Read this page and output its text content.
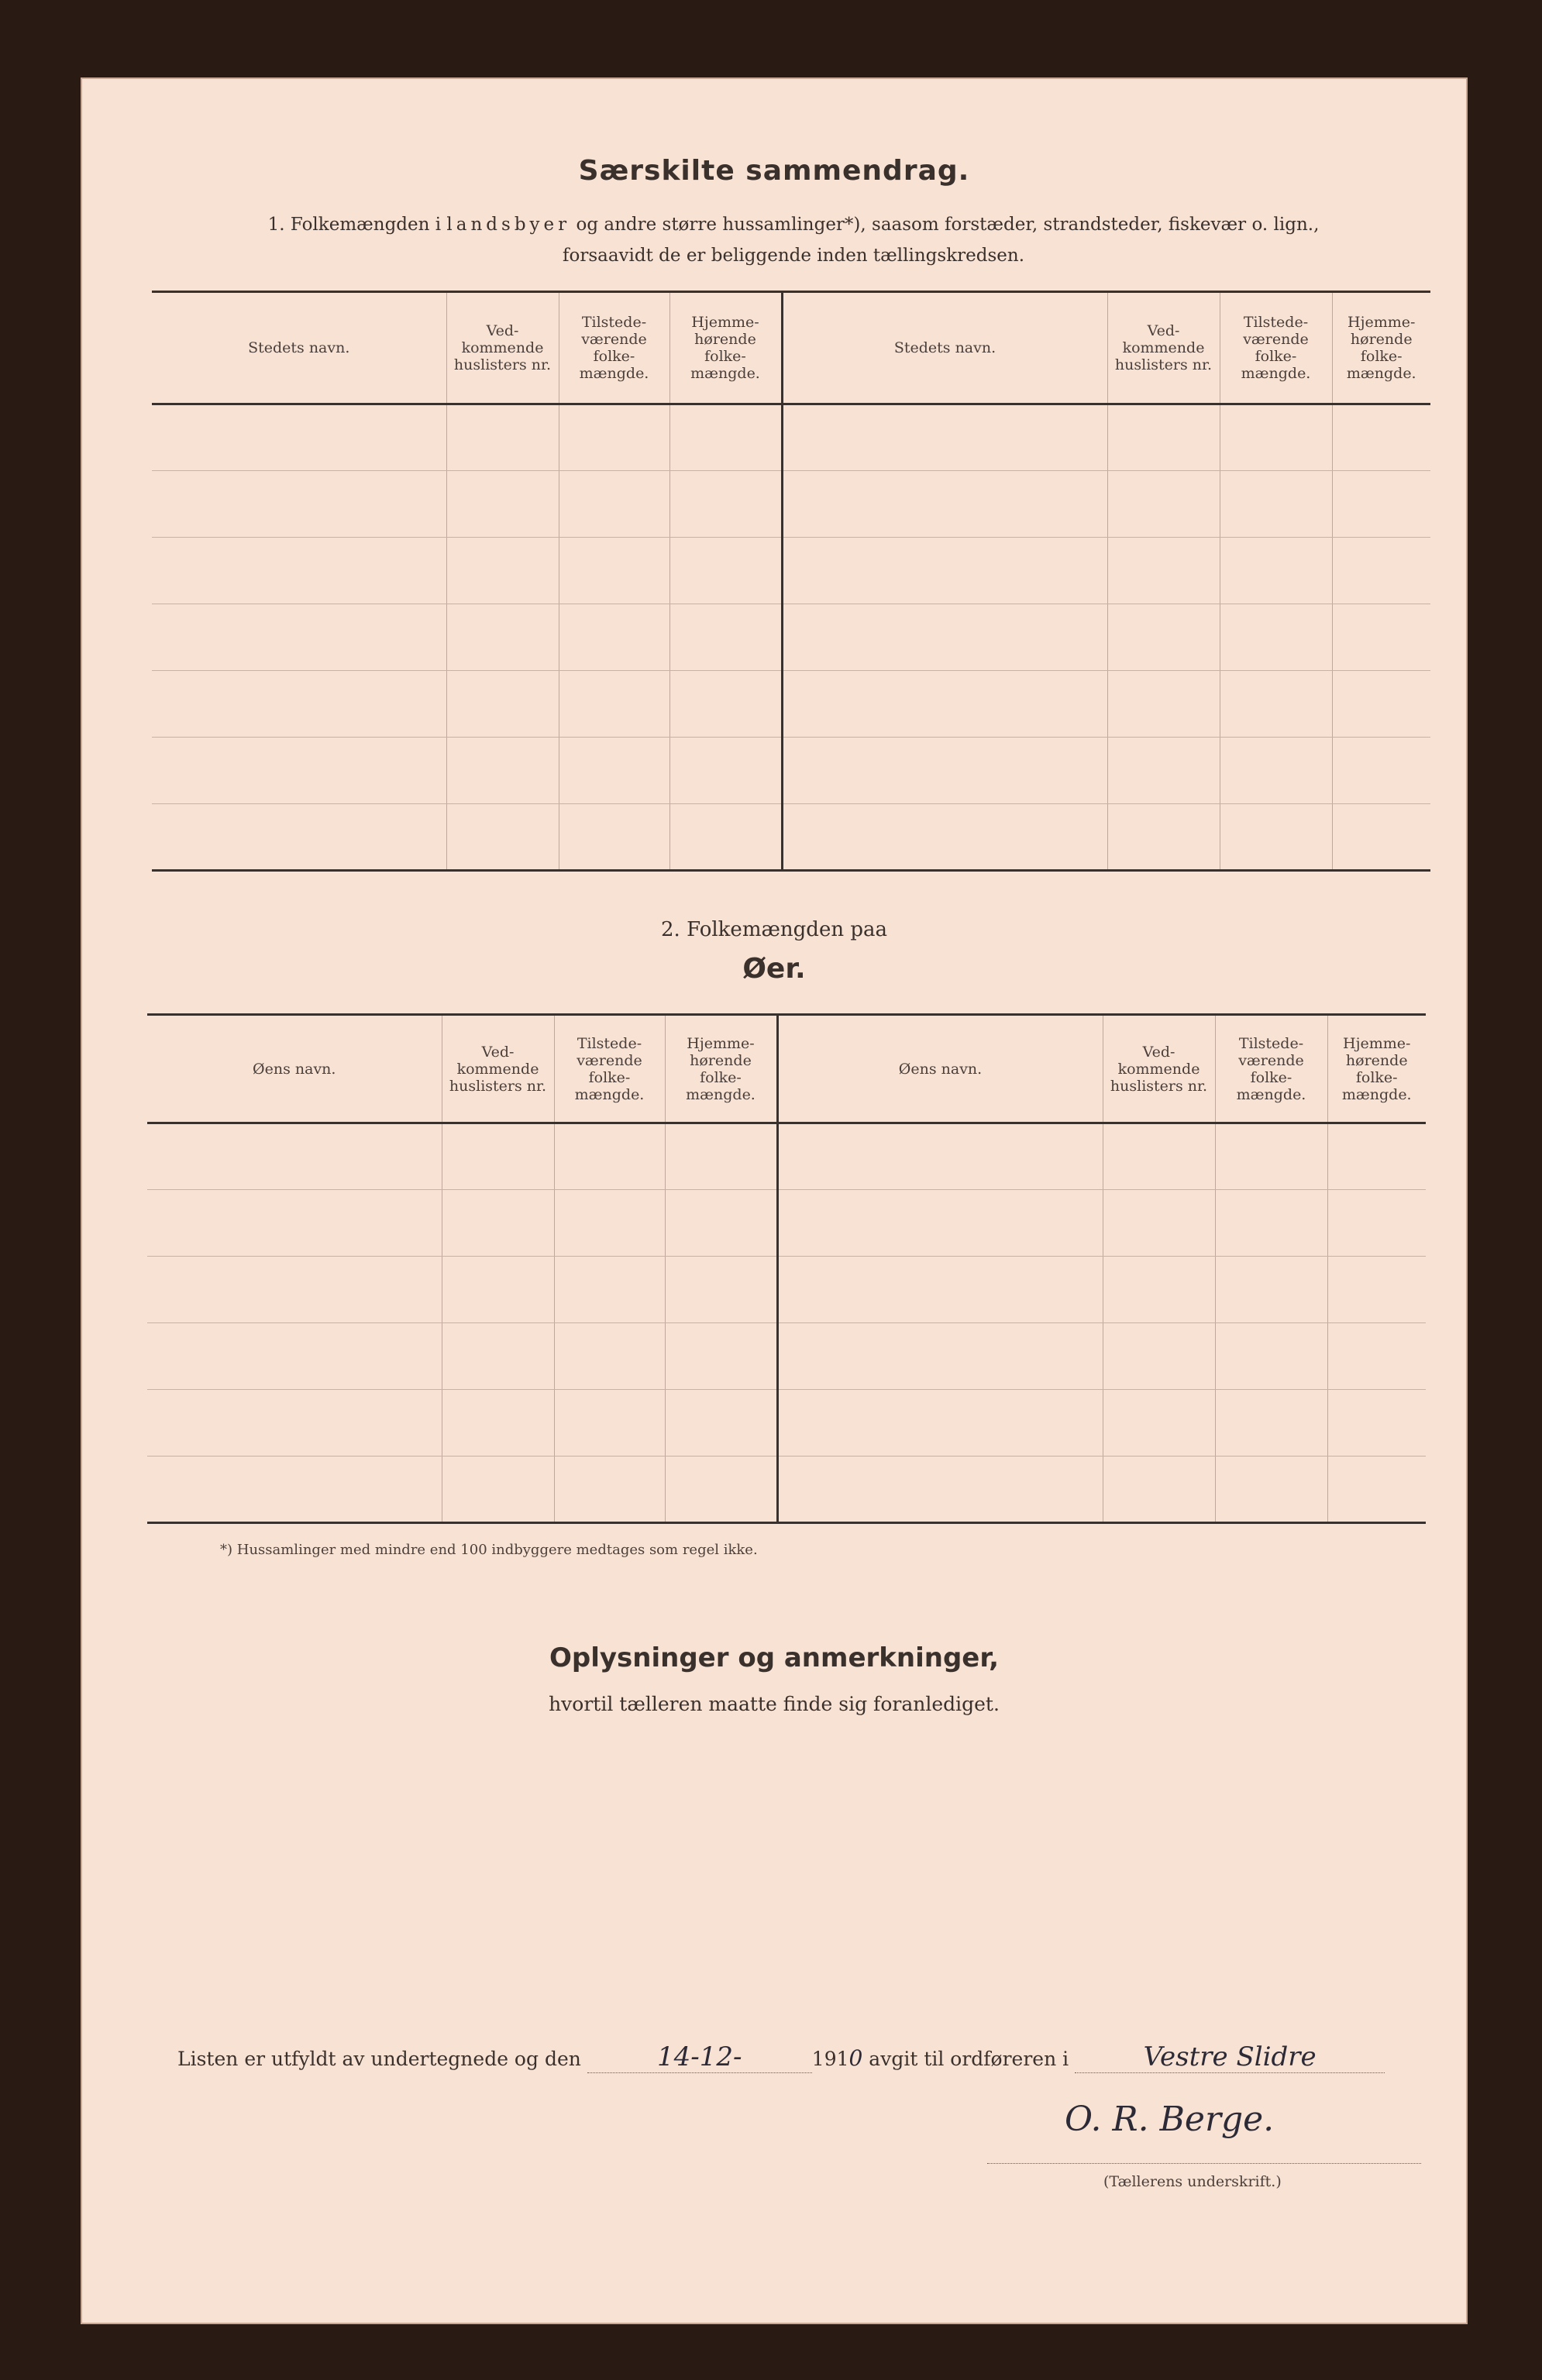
Særskilte sammendrag.
1. Folkemængden i landsbyer og andre større hussamlinger*), saasom forstæder, strandsteder, fiskevær o. lign.,
forsaavidt de er beliggende inden tællingskredsen.
Stedets navn.	Ved-kommende huslisters nr.	Tilstede-værende folke-mængde.	Hjemme-hørende folke-mængde.	Stedets navn.	Ved-kommende huslisters nr.	Tilstede-værende folke-mængde.	Hjemme-hørende folke-mængde.

2. Folkemængden paa
Øer.
Øens navn.	Ved-kommende huslisters nr.	Tilstede-værende folke-mængde.	Hjemme-hørende folke-mængde.	Øens navn.	Ved-kommende huslisters nr.	Tilstede-værende folke-mængde.	Hjemme-hørende folke-mængde.

*) Hussamlinger med mindre end 100 indbyggere medtages som regel ikke.
Oplysninger og anmerkninger,
hvortil tælleren maatte finde sig foranlediget.
Listen er utfyldt av undertegnede og den	14-12-	1910 avgit til ordføreren i	Vestre Slidre
O. R. Berge.
(Tællerens underskrift.)
